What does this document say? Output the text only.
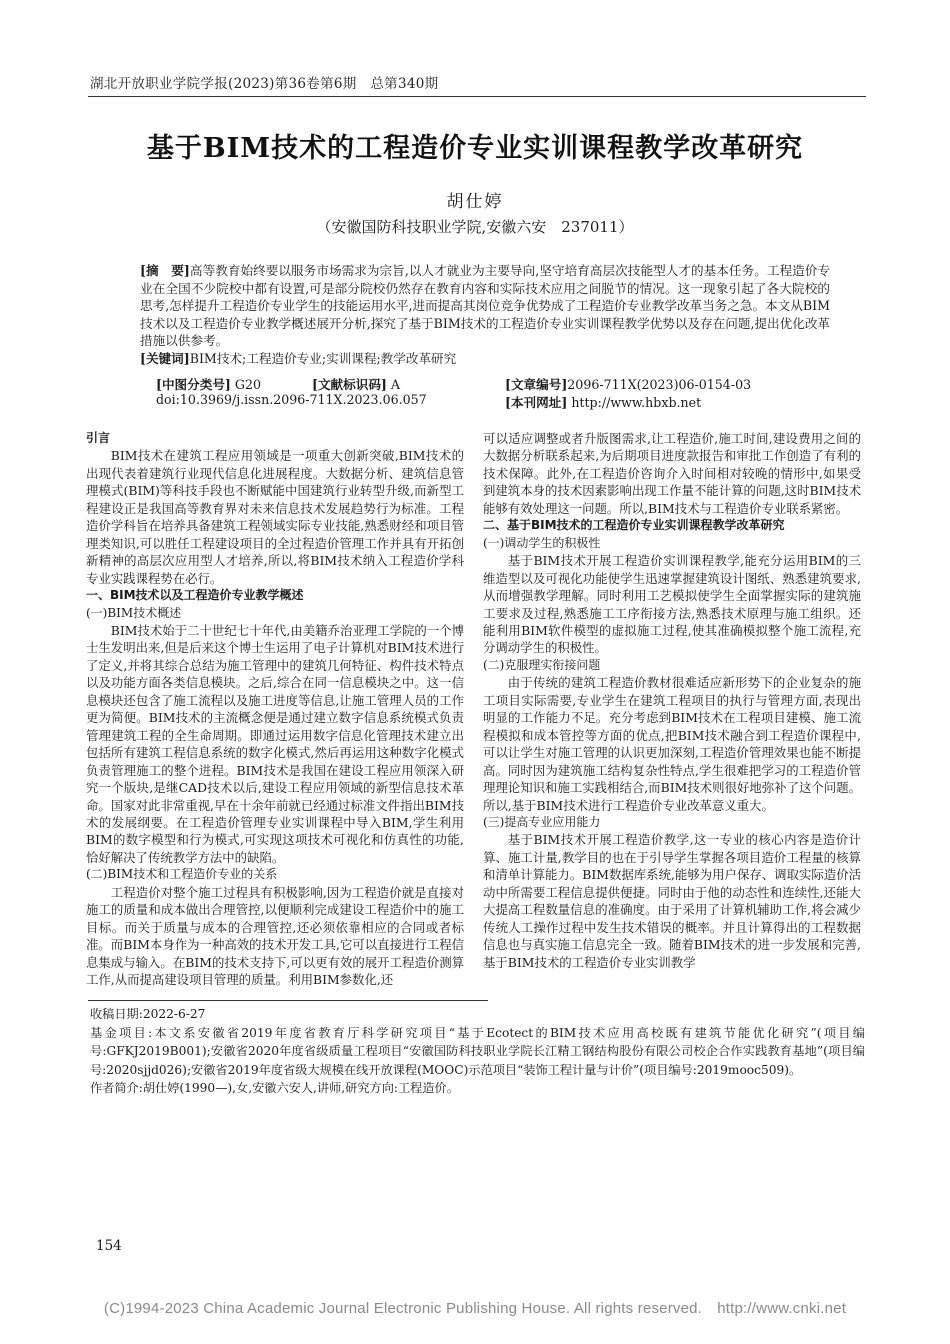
湖北开放职业学院学报(2023)第36卷第6期　总第340期
基于BIM技术的工程造价专业实训课程教学改革研究
胡仕婷
（安徽国防科技职业学院,安徽六安　237011）

[摘　要]高等教育始终要以服务市场需求为宗旨,以人才就业为主要导向,坚守培育高层次技能型人才的基本任务。工程造价专业在全国不少院校中都有设置,可是部分院校仍然存在教育内容和实际技术应用之间脱节的情况。这一现象引起了各大院校的思考,怎样提升工程造价专业学生的技能运用水平,进而提高其岗位竞争优势成了工程造价专业教学改革当务之急。本文从BIM技术以及工程造价专业教学概述展开分析,探究了基于BIM技术的工程造价专业实训课程教学优势以及存在问题,提出优化改革措施以供参考。

[关键词]BIM技术;工程造价专业;实训课程;教学改革研究

[中图分类号] G20	[文献标识码] A	[文章编号]2096-711X(2023)06-0154-03
doi:10.3969/j.issn.2096-711X.2023.06.057	[本刊网址] http://www.hbxb.net
引言

BIM技术在建筑工程应用领域是一项重大创新突破,BIM技术的出现代表着建筑行业现代信息化进展程度。大数据分析、建筑信息管理模式(BIM)等科技手段也不断赋能中国建筑行业转型升级,而新型工程建设正是我国高等教育界对未来信息技术发展趋势行为标准。工程造价学科旨在培养具备建筑工程领域实际专业技能,熟悉财经和项目管理类知识,可以胜任工程建设项目的全过程造价管理工作并具有开拓创新精神的高层次应用型人才培养,所以,将BIM技术纳入工程造价学科专业实践课程势在必行。

一、BIM技术以及工程造价专业教学概述
(一)BIM技术概述

BIM技术始于二十世纪七十年代,由美籍乔治亚理工学院的一个博士生发明出来,但是后来这个博士生运用了电子计算机对BIM技术进行了定义,并将其综合总结为施工管理中的建筑几何特征、构件技术特点以及功能方面各类信息模块。之后,综合在同一信息模块之中。这一信息模块还包含了施工流程以及施工进度等信息,让施工管理人员的工作更为简便。BIM技术的主流概念便是通过建立数字信息系统模式负责管理建筑工程的全生命周期。即通过运用数字信息化管理技术建立出包括所有建筑工程信息系统的数字化模式,然后再运用这种数字化模式负责管理施工的整个进程。BIM技术是我国在建设工程应用领深入研究一个版块,是继CAD技术以后,建设工程应用领域的新型信息技术革命。国家对此非常重视,早在十余年前就已经通过标准文件指出BIM技术的发展纲要。在工程造价管理专业实训课程中导入BIM,学生利用BIM的数字模型和行为模式,可实现这项技术可视化和仿真性的功能,恰好解决了传统教学方法中的缺陷。

(二)BIM技术和工程造价专业的关系

工程造价对整个施工过程具有积极影响,因为工程造价就是直接对施工的质量和成本做出合理管控,以便顺利完成建设工程造价中的施工目标。而关于质量与成本的合理管控,还必须依靠相应的合同或者标准。而BIM本身作为一种高效的技术开发工具,它可以直接进行工程信息集成与输入。在BIM的技术支持下,可以更有效的展开工程造价测算工作,从而提高建设项目管理的质量。利用BIM参数化,还

可以适应调整或者升版图需求,让工程造价,施工时间,建设费用之间的大数据分析联系起来,为后期项目进度款报告和审批工作创造了有利的技术保障。此外,在工程造价咨询介入时间相对较晚的情形中,如果受到建筑本身的技术因素影响出现工作量不能计算的问题,这时BIM技术能够有效处理这一问题。所以,BIM技术与工程造价专业联系紧密。

二、基于BIM技术的工程造价专业实训课程教学改革研究
(一)调动学生的积极性

基于BIM技术开展工程造价实训课程教学,能充分运用BIM的三维造型以及可视化功能使学生迅速掌握建筑设计图纸、熟悉建筑要求,从而增强教学理解。同时利用工艺模拟使学生全面掌握实际的建筑施工要求及过程,熟悉施工工序衔接方法,熟悉技术原理与施工组织。还能利用BIM软件模型的虚拟施工过程,使其准确模拟整个施工流程,充分调动学生的积极性。

(二)克服理实衔接问题

由于传统的建筑工程造价教材很难适应新形势下的企业复杂的施工项目实际需要,专业学生在建筑工程项目的执行与管理方面,表现出明显的工作能力不足。充分考虑到BIM技术在工程项目建模、施工流程模拟和成本管控等方面的优点,把BIM技术融合到工程造价课程中,可以让学生对施工管理的认识更加深刻,工程造价管理效果也能不断提高。同时因为建筑施工结构复杂性特点,学生很难把学习的工程造价管理理论知识和施工实践相结合,而BIM技术则很好地弥补了这个问题。所以,基于BIM技术进行工程造价专业改革意义重大。

(三)提高专业应用能力

基于BIM技术开展工程造价教学,这一专业的核心内容是造价计算、施工计量,教学目的也在于引导学生掌握各项目造价工程量的核算和清单计算能力。BIM数据库系统,能够为用户保存、调取实际造价活动中所需要工程信息提供便捷。同时由于他的动态性和连续性,还能大大提高工程数量信息的准确度。由于采用了计算机辅助工作,将会减少传统人工操作过程中发生技术错误的概率。并且计算得出的工程数据信息也与真实施工信息完全一致。随着BIM技术的进一步发展和完善,基于BIM技术的工程造价专业实训教学

收稿日期:2022-6-27

基金项目:本文系安徽省2019年度省教育厅科学研究项目“基于Ecotect的BIM技术应用高校既有建筑节能优化研究”(项目编号:GFKJ2019B001);安徽省2020年度省级质量工程项目“安徽国防科技职业学院长江精工钢结构股份有限公司校企合作实践教育基地”(项目编号:2020sjjd026);安徽省2019年度省级大规模在线开放课程(MOOC)示范项目“装饰工程计量与计价”(项目编号:2019mooc509)。

作者简介:胡仕婷(1990—),女,安徽六安人,讲师,研究方向:工程造价。

154
(C)1994-2023 China Academic Journal Electronic Publishing House. All rights reserved.　http://www.cnki.net
